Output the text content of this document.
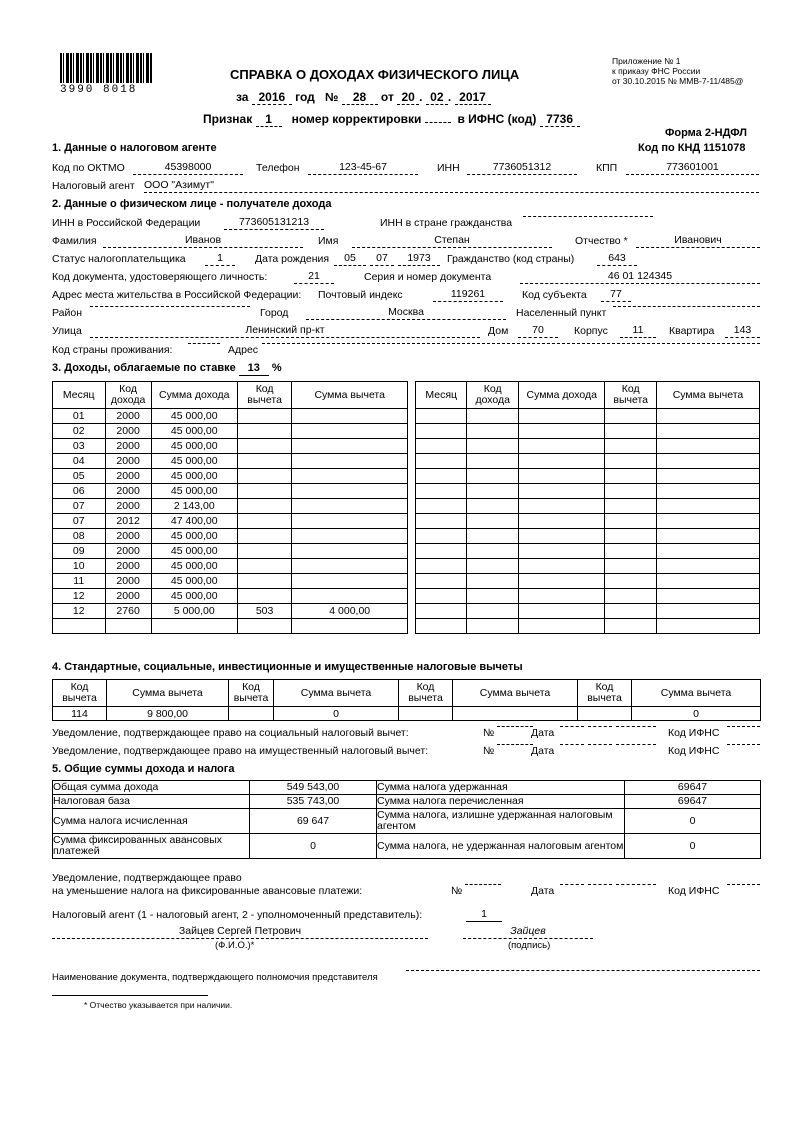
3990 8018
Приложение № 1
к приказу ФНС России
от 30.10.2015 № ММВ-7-11/485@
СПРАВКА О ДОХОДАХ ФИЗИЧЕСКОГО ЛИЦА
за 2016 год № 28 от 20 . 02 . 2017
Признак 1 номер корректировки	в ИФНС (код) 7736
Форма 2-НДФЛ
Код по КНД 1151078
1. Данные о налоговом агенте
Код по ОКТМО	45398000	Телефон	123-45-67	ИНН	7736051312	КПП	773601001
Налоговый агент ООО "Азимут"
2. Данные о физическом лице - получателе дохода
ИНН в Российской Федерации	773605131213	ИНН в стране гражданства
Фамилия	Иванов	Имя	Степан	Отчество *	Иванович
Статус налогоплательщика	1	Дата рождения	05	07	1973	Гражданство (код страны)	643
Код документа, удостоверяющего личность:	21	Серия и номер документа	46 01 124345
Адрес места жительства в Российской Федерации: Почтовый индекс	119261	Код субъекта	77
Район	Город	Москва	Населенный пункт
Улица	Ленинский пр-кт	Дом	70	Корпус	11	Квартира	143
Код страны проживания:	Адрес
3. Доходы, облагаемые по ставке 13 %
Месяц	Код дохода	Сумма дохода	Код вычета	Сумма вычета
01	2000	45 000,00		
02	2000	45 000,00		
03	2000	45 000,00		
04	2000	45 000,00		
05	2000	45 000,00		
06	2000	45 000,00		
07	2000	2 143,00		
07	2012	47 400,00		
08	2000	45 000,00		
09	2000	45 000,00		
10	2000	45 000,00		
11	2000	45 000,00		
12	2000	45 000,00		
12	2760	5 000,00	503	4 000,00

Месяц	Код дохода	Сумма дохода	Код вычета	Сумма вычета

4. Стандартные, социальные, инвестиционные и имущественные налоговые вычеты
Код вычета	Сумма вычета	Код вычета	Сумма вычета	Код вычета	Сумма вычета	Код вычета	Сумма вычета
114	9 800,00		0				0
Уведомление, подтверждающее право на социальный налоговый вычет:
Уведомление, подтверждающее право на имущественный налоговый вычет:
№	Дата	Код ИФНС
№	Дата	Код ИФНС
№	Дата	Код ИФНС
5. Общие суммы дохода и налога
Общая сумма дохода	549 543,00	Сумма налога удержанная	69647
Налоговая база	535 743,00	Сумма налога перечисленная	69647
Сумма налога исчисленная	69 647	Сумма налога, излишне удержанная налоговым агентом	0
Сумма фиксированных авансовых платежей	0	Сумма налога, не удержанная налоговым агентом	0
Уведомление, подтверждающее право
на уменьшение налога на фиксированные авансовые платежи:
Налоговый агент (1 - налоговый агент, 2 - уполномоченный представитель):	1
Зайцев Сергей Петрович
(Ф.И.О.)*
Зайцев
(подпись)
Наименование документа, подтверждающего полномочия представителя
* Отчество указывается при наличии.
